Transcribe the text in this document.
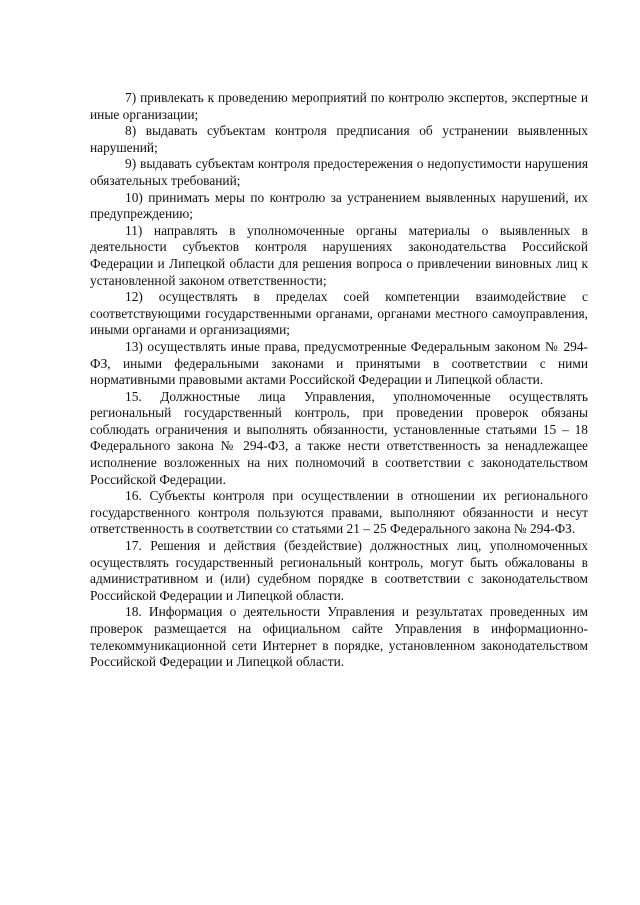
7) привлекать к проведению мероприятий по контролю экспертов, экспертные и иные организации;

8) выдавать субъектам контроля предписания об устранении выявленных нарушений;

9) выдавать субъектам контроля предостережения о недопустимости нарушения обязательных требований;

10) принимать меры по контролю за устранением выявленных нарушений, их предупреждению;

11) направлять в уполномоченные органы материалы о выявленных в деятельности субъектов контроля нарушениях законодательства Российской Федерации и Липецкой области для решения вопроса о привлечении виновных лиц к установленной законом ответственности;

12) осуществлять в пределах соей компетенции взаимодействие с соответствующими государственными органами, органами местного самоуправления, иными органами и организациями;

13) осуществлять иные права, предусмотренные Федеральным законом № 294-ФЗ, иными федеральными законами и принятыми в соответствии с ними нормативными правовыми актами Российской Федерации и Липецкой области.

15. Должностные лица Управления, уполномоченные осуществлять региональный государственный контроль, при проведении проверок обязаны соблюдать ограничения и выполнять обязанности, установленные статьями 15 – 18 Федерального закона № 294-ФЗ, а также нести ответственность за ненадлежащее исполнение возложенных на них полномочий в соответствии с законодательством Российской Федерации.

16. Субъекты контроля при осуществлении в отношении их регионального государственного контроля пользуются правами, выполняют обязанности и несут ответственность в соответствии со статьями 21 – 25 Федерального закона № 294-ФЗ.

17. Решения и действия (бездействие) должностных лиц, уполномоченных осуществлять государственный региональный контроль, могут быть обжалованы в административном и (или) судебном порядке в соответствии с законодательством Российской Федерации и Липецкой области.

18. Информация о деятельности Управления и результатах проведенных им проверок размещается на официальном сайте Управления в информационно-телекоммуникационной сети Интернет в порядке, установленном законодательством Российской Федерации и Липецкой области.
